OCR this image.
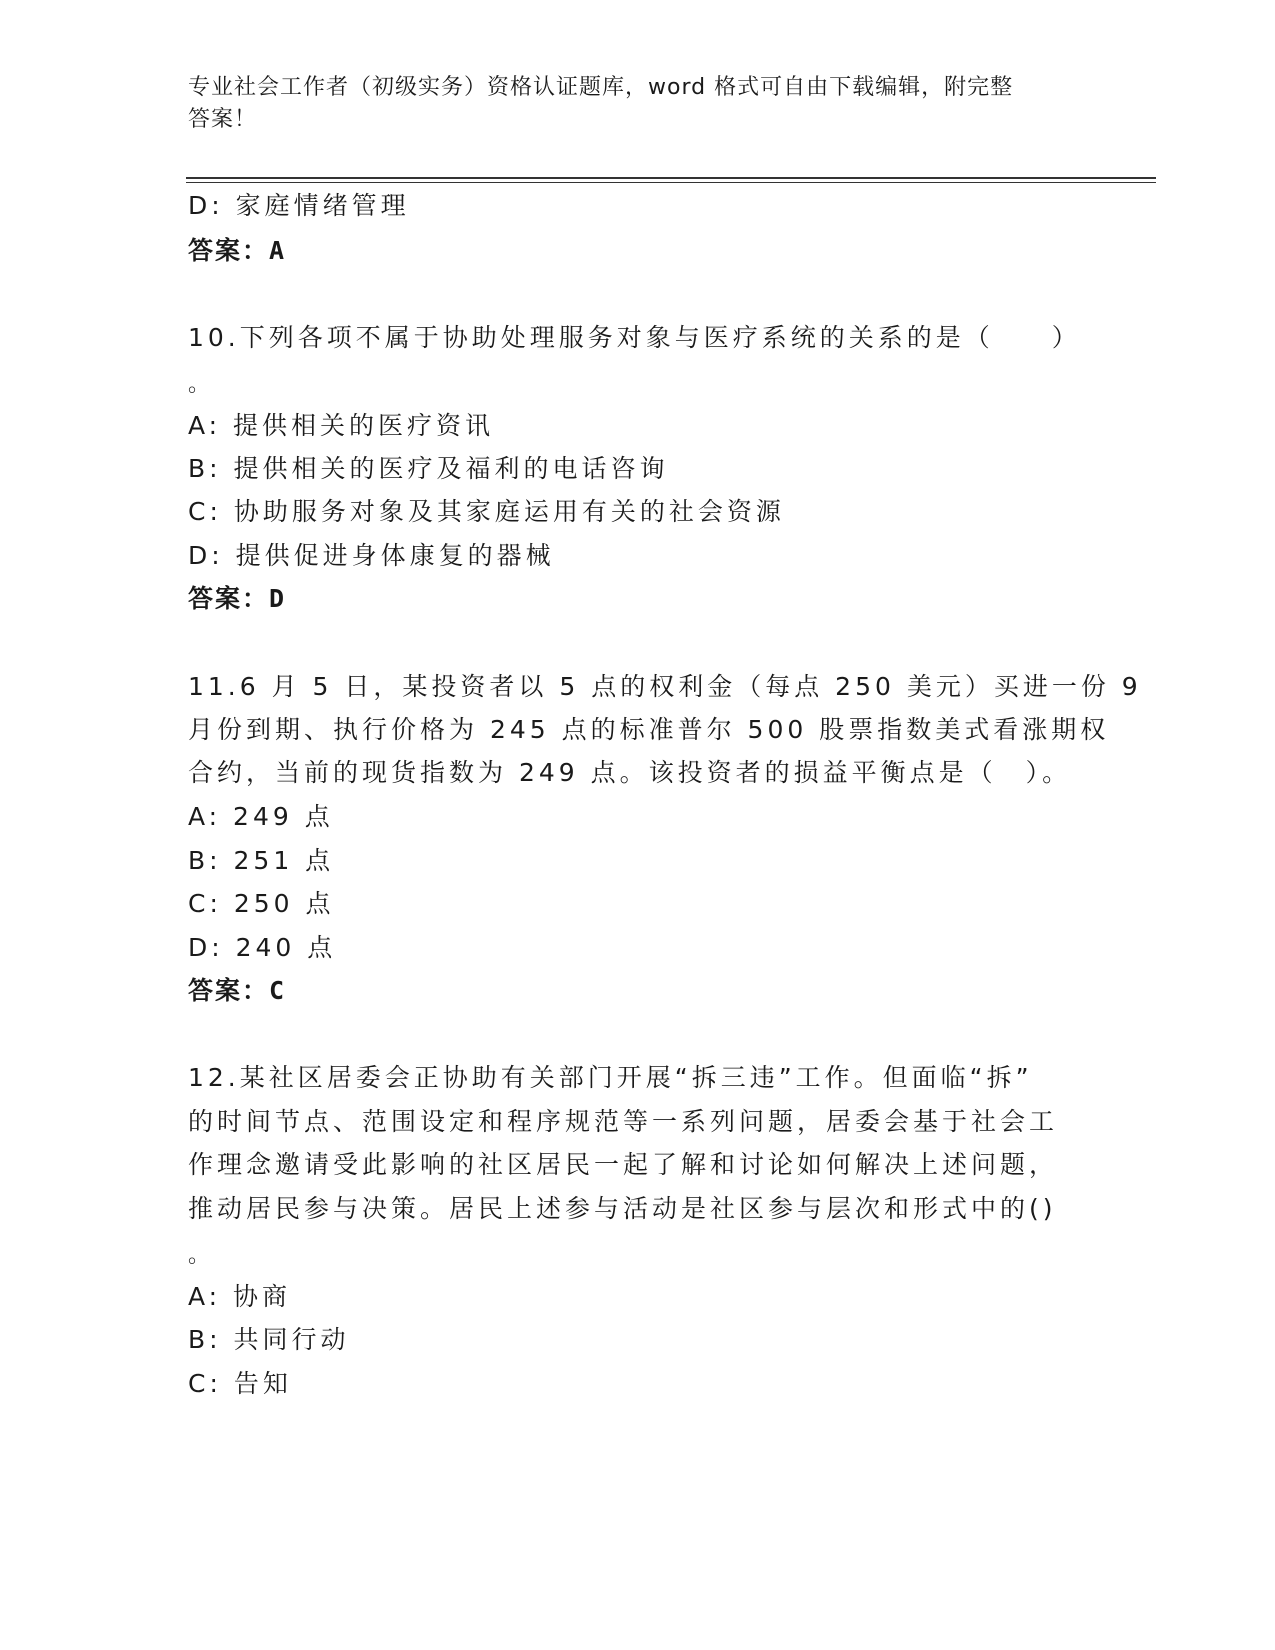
专业社会工作者（初级实务）资格认证题库，word 格式可自由下载编辑，附完整
答案！
D: 家庭情绪管理
答案：A
10.下列各项不属于协助处理服务对象与医疗系统的关系的是（　　）
。
A: 提供相关的医疗资讯
B: 提供相关的医疗及福利的电话咨询
C: 协助服务对象及其家庭运用有关的社会资源
D: 提供促进身体康复的器械
答案：D
11.6 月 5 日，某投资者以 5 点的权利金（每点 250 美元）买进一份 9
月份到期、执行价格为 245 点的标准普尔 500 股票指数美式看涨期权
合约，当前的现货指数为 249 点。该投资者的损益平衡点是（　）。
A: 249 点
B: 251 点
C: 250 点
D: 240 点
答案：C
12.某社区居委会正协助有关部门开展“拆三违”工作。但面临“拆”
的时间节点、范围设定和程序规范等一系列问题，居委会基于社会工
作理念邀请受此影响的社区居民一起了解和讨论如何解决上述问题，
推动居民参与决策。居民上述参与活动是社区参与层次和形式中的()
。
A: 协商
B: 共同行动
C: 告知
